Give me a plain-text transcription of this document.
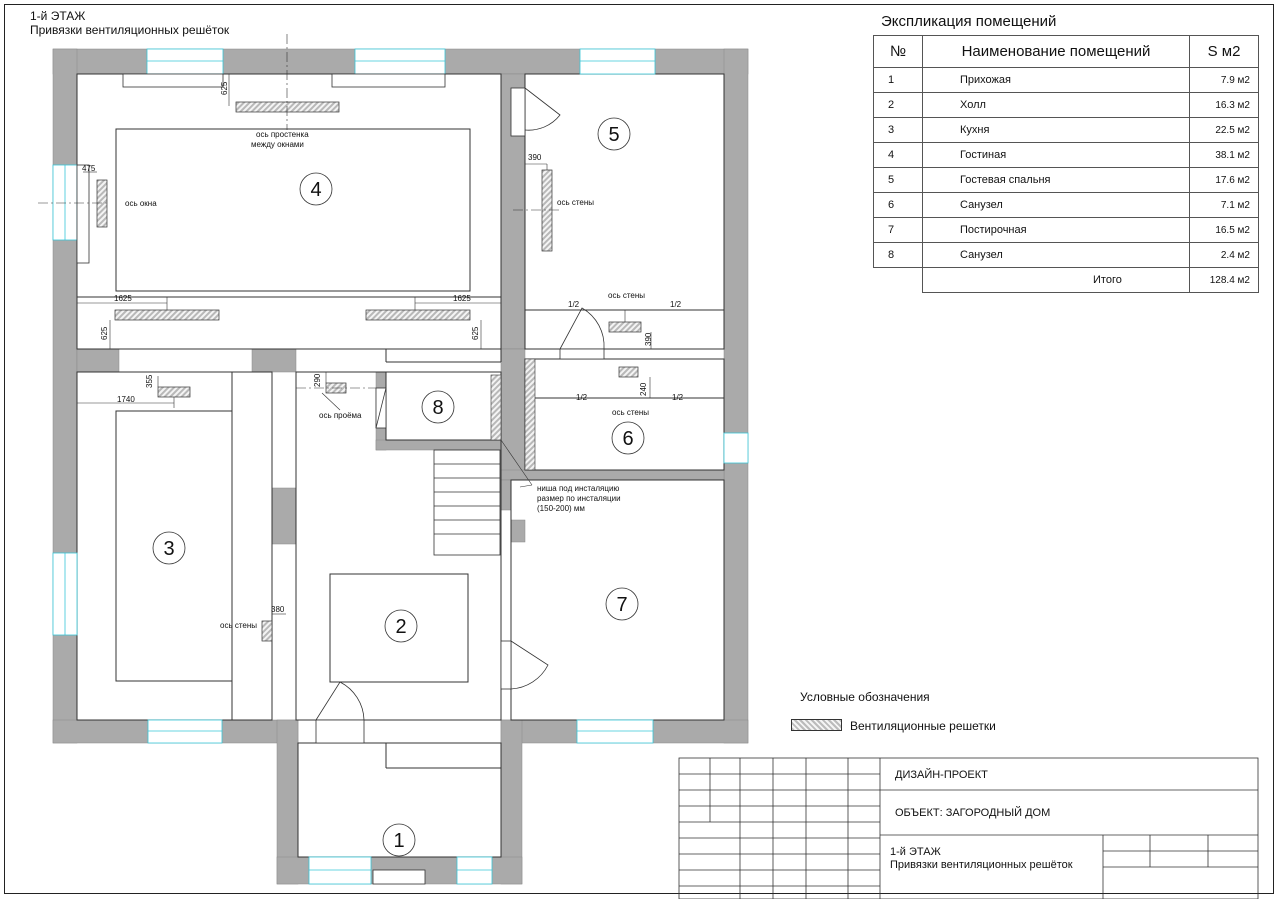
1-й ЭТАЖ
Привязки вентиляционных решёток
4
5
8
6
3
2
7
1
ось простенка
между окнами
ось окна	ось стены
ось стены
ось стены
ось стены
ось проёма
ниша под инсталяцию
размер по инсталяции
(150-200) мм
625
475
1625	1625
625	625
390
390
1/2	1/2
1/2	1/2
240
355
1740
290
380
Экспликация помещений
№	Наименование помещений	S м2
1	Прихожая	7.9 м2
2	Холл	16.3 м2
3	Кухня	22.5 м2
4	Гостиная	38.1 м2
5	Гостевая спальня	17.6 м2
6	Санузел	7.1 м2
7	Постирочная	16.5 м2
8	Санузел	2.4 м2
	Итого	128.4 м2
Условные обозначения
Вентиляционные решетки
ДИЗАЙН-ПРОЕКТ
ОБЪЕКТ: ЗАГОРОДНЫЙ ДОМ
1-й ЭТАЖ
Привязки вентиляционных решёток
